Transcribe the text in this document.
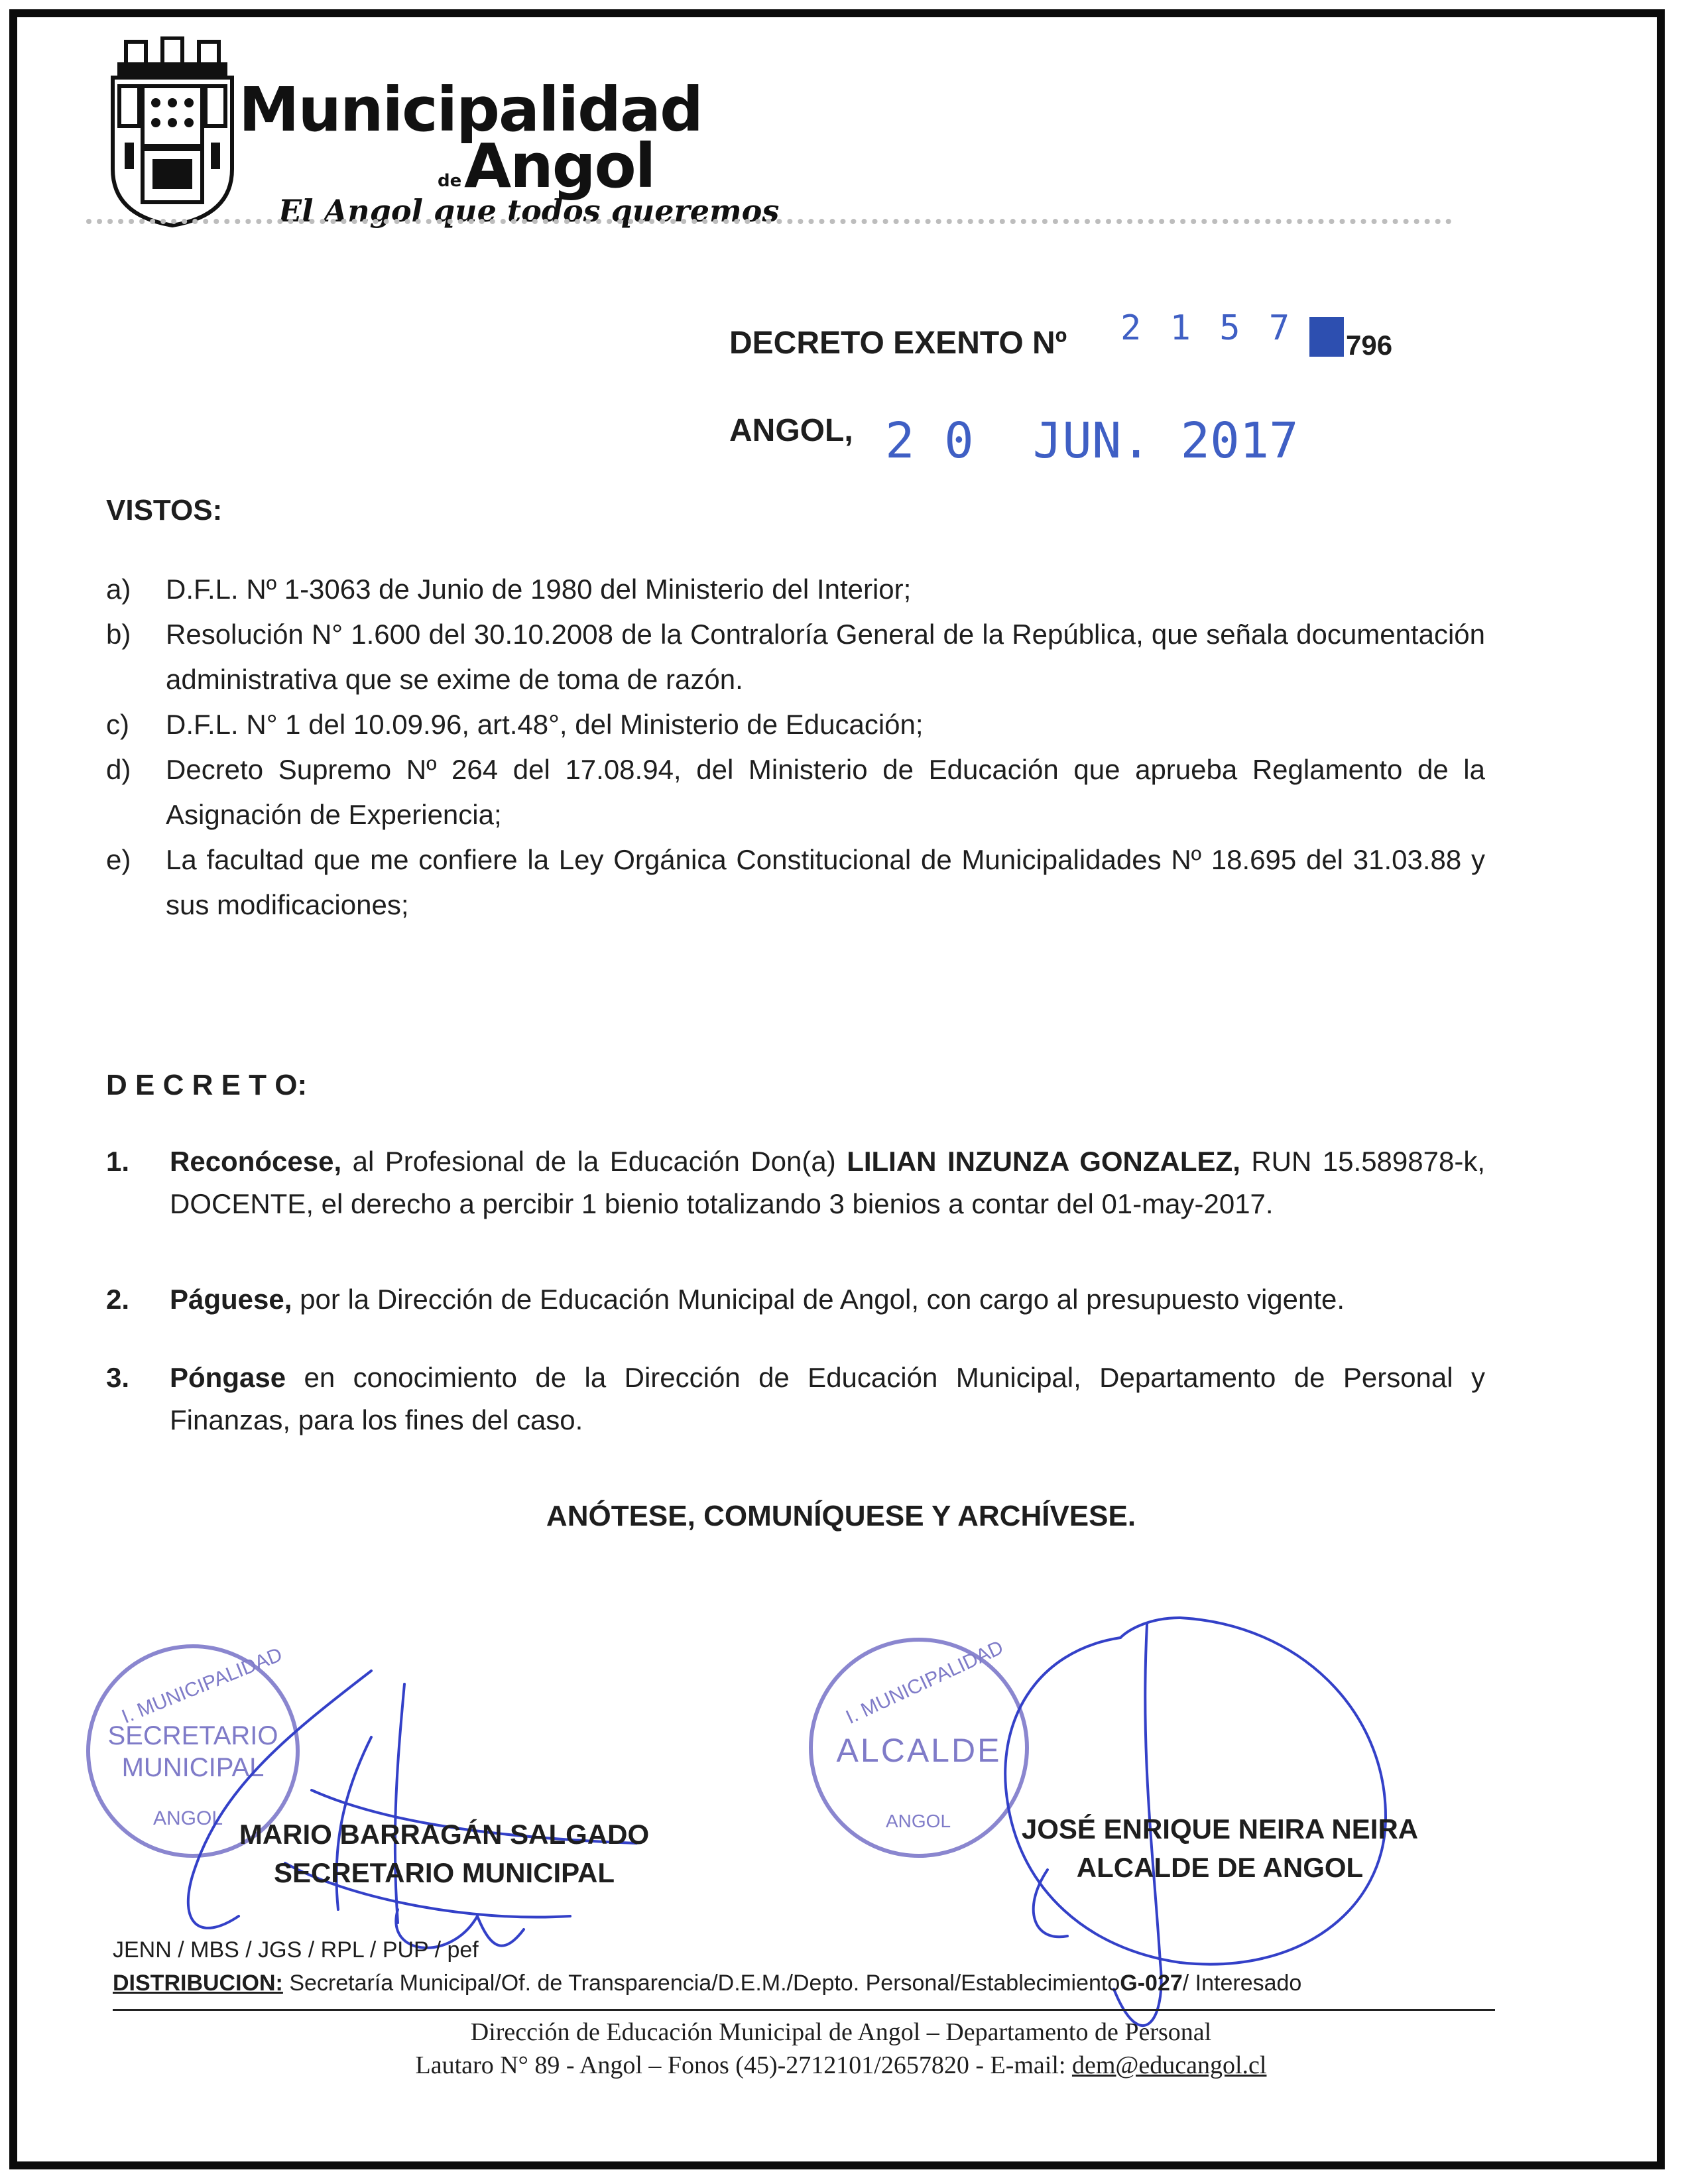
Municipalidad
de Angol
El Angol que todos queremos
DECRETO EXENTO Nº 2 1 5 7 796
ANGOL, 2 0  JUN. 2017
VISTOS:
a) D.F.L. Nº 1-3063 de Junio de 1980 del Ministerio del Interior;
b) Resolución N° 1.600 del 30.10.2008 de la Contraloría General de la República, que señala documentación administrativa que se exime de toma de razón.
c) D.F.L. N° 1 del 10.09.96, art.48°, del Ministerio de Educación;
d) Decreto Supremo Nº 264 del 17.08.94, del Ministerio de Educación que aprueba Reglamento de la Asignación de Experiencia;
e) La facultad que me confiere la Ley Orgánica Constitucional de Municipalidades Nº 18.695 del 31.03.88 y sus modificaciones;
D E C R E T O:
1. Reconócese, al Profesional de la Educación Don(a) LILIAN INZUNZA GONZALEZ, RUN 15.589878-k, DOCENTE, el derecho a percibir 1 bienio totalizando 3 bienios a contar del 01-may-2017.
2. Páguese, por la Dirección de Educación Municipal de Angol, con cargo al presupuesto vigente.
3. Póngase en conocimiento de la Dirección de Educación Municipal, Departamento de Personal y Finanzas, para los fines del caso.
ANÓTESE, COMUNÍQUESE Y ARCHÍVESE.
I. MUNICIPALIDAD
SECRETARIO
MUNICIPAL
ANGOL
I. MUNICIPALIDAD
ALCALDE
ANGOL
MARIO BARRAGÁN SALGADO
SECRETARIO MUNICIPAL
JOSÉ ENRIQUE NEIRA NEIRA
ALCALDE DE ANGOL
JENN / MBS / JGS / RPL / PUP / pef
DISTRIBUCION: Secretaría Municipal/Of. de Transparencia/D.E.M./Depto. Personal/EstablecimientoG-027/ Interesado
Dirección de Educación Municipal de Angol – Departamento de Personal
Lautaro N° 89 - Angol – Fonos (45)-2712101/2657820 - E-mail: dem@educangol.cl
